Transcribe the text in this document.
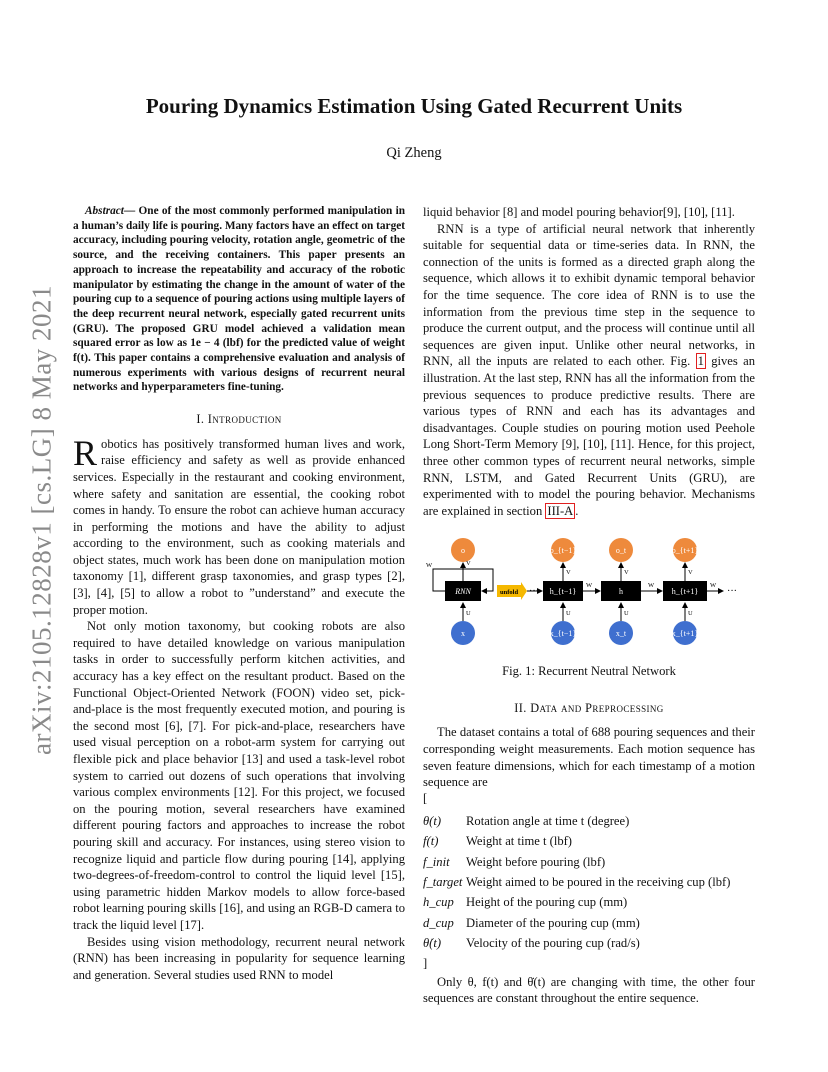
arXiv:2105.12828v1 [cs.LG] 8 May 2021
Pouring Dynamics Estimation Using Gated Recurrent Units
Qi Zheng

Abstract— One of the most commonly performed manipulation in a human’s daily life is pouring. Many factors have an effect on target accuracy, including pouring velocity, rotation angle, geometric of the source, and the receiving containers. This paper presents an approach to increase the repeatability and accuracy of the robotic manipulator by estimating the change in the amount of water of the pouring cup to a sequence of pouring actions using multiple layers of the deep recurrent neural network, especially gated recurrent units (GRU). The proposed GRU model achieved a validation mean squared error as low as 1e − 4 (lbf) for the predicted value of weight f(t). This paper contains a comprehensive evaluation and analysis of numerous experiments with various designs of recurrent neural networks and hyperparameters fine-tuning.

I. Introduction

Robotics has positively transformed human lives and work, raise efficiency and safety as well as provide enhanced services. Especially in the restaurant and cooking environment, where safety and sanitation are essential, the cooking robot comes in handy. To ensure the robot can achieve human accuracy in performing the motions and have the ability to adjust according to the environment, such as cooking materials and object states, much work has been done on manipulation motion taxonomy [1], different grasp taxonomies, and grasp types [2], [3], [4], [5] to allow a robot to ”understand” and execute the proper motion.

Not only motion taxonomy, but cooking robots are also required to have detailed knowledge on various manipulation tasks in order to successfully perform kitchen activities, and accuracy has a key effect on the resultant product. Based on the Functional Object-Oriented Network (FOON) video set, pick-and-place is the most frequently executed motion, and pouring is the second most [6], [7]. For pick-and-place, researchers have used visual perception on a robot-arm system for carrying out flexible pick and place behavior [13] and used a task-level robot system to carried out dozens of such operations that involving various complex environments [12]. For this project, we focused on the pouring motion, several researchers have examined different pouring factors and approaches to increase the robot pouring skill and accuracy. For instances, using stereo vision to recognize liquid and particle flow during pouring [14], applying two-degrees-of-freedom-control to control the liquid level [15], using parametric hidden Markov models to allow force-based robot learning pouring skills [16], and using an RGB-D camera to track the liquid level [17].

Besides using vision methodology, recurrent neural network (RNN) has been increasing in popularity for sequence learning and generation. Several studies used RNN to model

liquid behavior [8] and model pouring behavior[9], [10], [11].

RNN is a type of artificial neural network that inherently suitable for sequential data or time-series data. In RNN, the connection of the units is formed as a directed graph along the sequence, which allows it to exhibit dynamic temporal behavior for the time sequence. The core idea of RNN is to use the information from the previous time step in the sequence to produce the current output, and the process will continue until all sequences are given input. Unlike other neural networks, in RNN, all the inputs are related to each other. Fig. 1 gives an illustration. At the last step, RNN has all the information from the previous sequences to produce predictive results. There are various types of RNN and each has its advantages and disadvantages. Couple studies on pouring motion used Peehole Long Short-Term Memory [9], [10], [11]. Hence, for this project, three other common types of recurrent neural networks, simple RNN, LSTM, and Gated Recurrent Units (GRU), are experimented with to model the pouring behavior. Mechanisms are explained in section III-A .

o	o_{t−1}	o_t	o_{t+1}
RNN	h_{t−1}	h	h_{t+1}
x	x_{t−1}	x_t	x_{t+1}
unfold
W	V
U
V	V	V
U	U	U
W	W	W
···	···
Fig. 1: Recurrent Neutral Network
II. Data and Preprocessing

The dataset contains a total of 688 pouring sequences and their corresponding weight measurements. Each motion sequence has seven feature dimensions, which for each timestamp of a motion sequence are

[
θ(t)	Rotation angle at time t (degree)
f(t)	Weight at time t (lbf)
f_init	Weight before pouring (lbf)
f_target Weight aimed to be poured in the receiving cup (lbf)
h_cup Height of the pouring cup (mm)
d_cup Diameter of the pouring cup (mm)
θ̇(t)	Velocity of the pouring cup (rad/s)
]

Only θ, f(t) and θ̇(t) are changing with time, the other four sequences are constant throughout the entire sequence.
